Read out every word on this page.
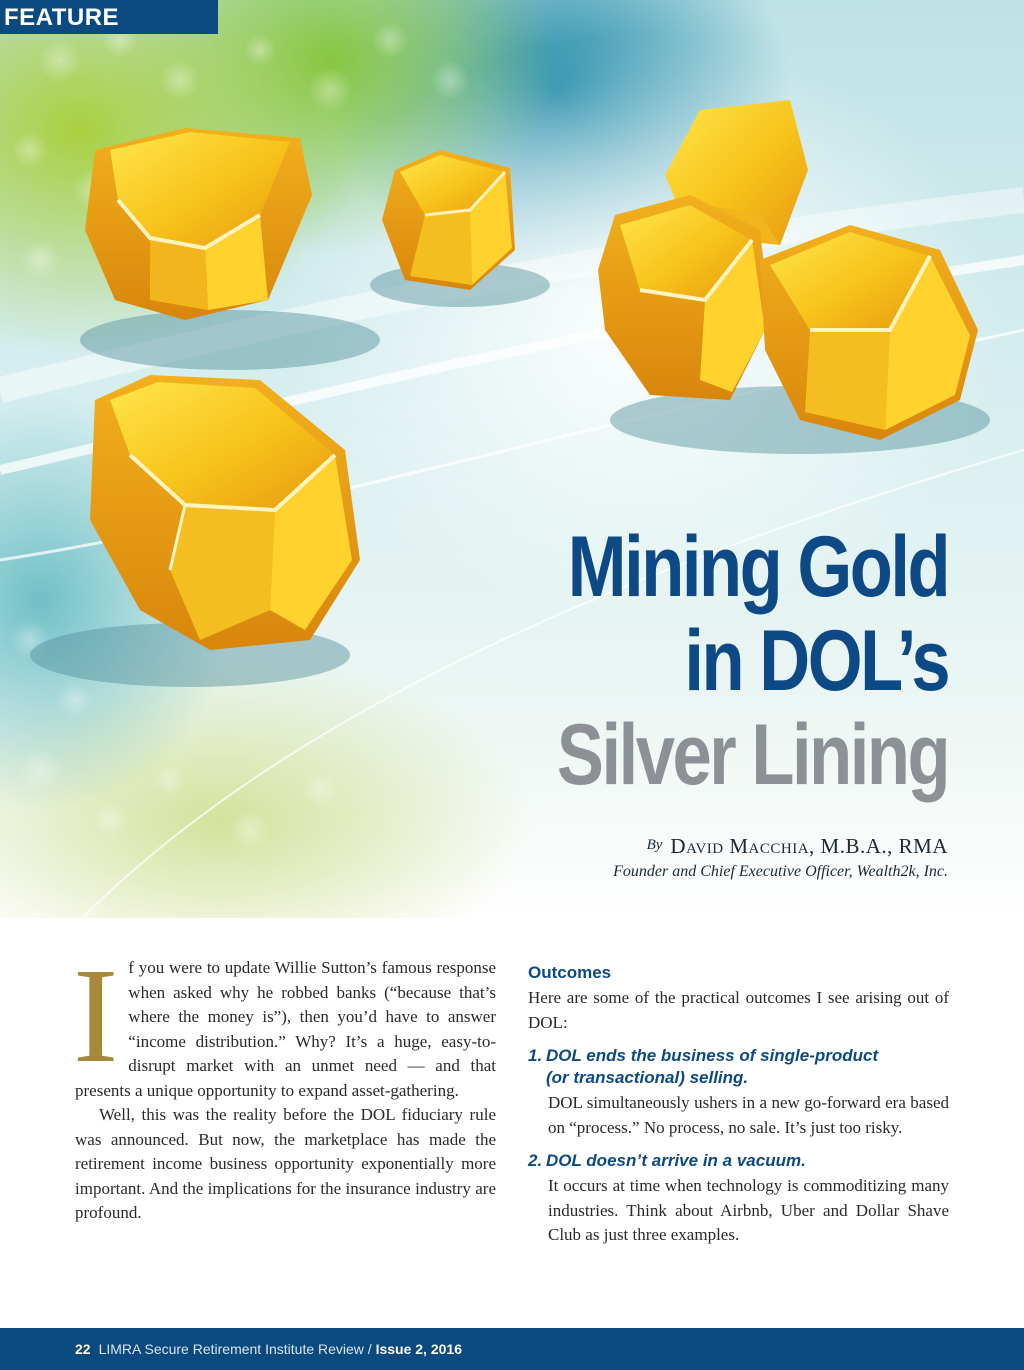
FEATURE
Mining Gold
in DOL’s
Silver Lining
By David Macchia, M.B.A., RMA
Founder and Chief Executive Officer, Wealth2k, Inc.
I f you were to update Willie Sutton’s famous response when asked why he robbed banks (“because that’s where the money is”), then you’d have to answer “income distribution.” Why? It’s a huge, easy-to-disrupt market with an unmet need — and that presents a unique opportunity to expand asset-gathering.

Well, this was the reality before the DOL fiduciary rule was announced. But now, the marketplace has made the retirement income business opportunity exponentially more important. And the implications for the insurance industry are profound.

Outcomes

Here are some of the practical outcomes I see arising out of DOL:

1. DOL ends the business of single-product
(or transactional) selling.

DOL simultaneously ushers in a new go-forward era based on “process.” No process, no sale. It’s just too risky.

2. DOL doesn’t arrive in a vacuum.

It occurs at time when technology is commoditizing many industries. Think about Airbnb, Uber and Dollar Shave Club as just three examples.

22 LIMRA Secure Retirement Institute Review / Issue 2, 2016
